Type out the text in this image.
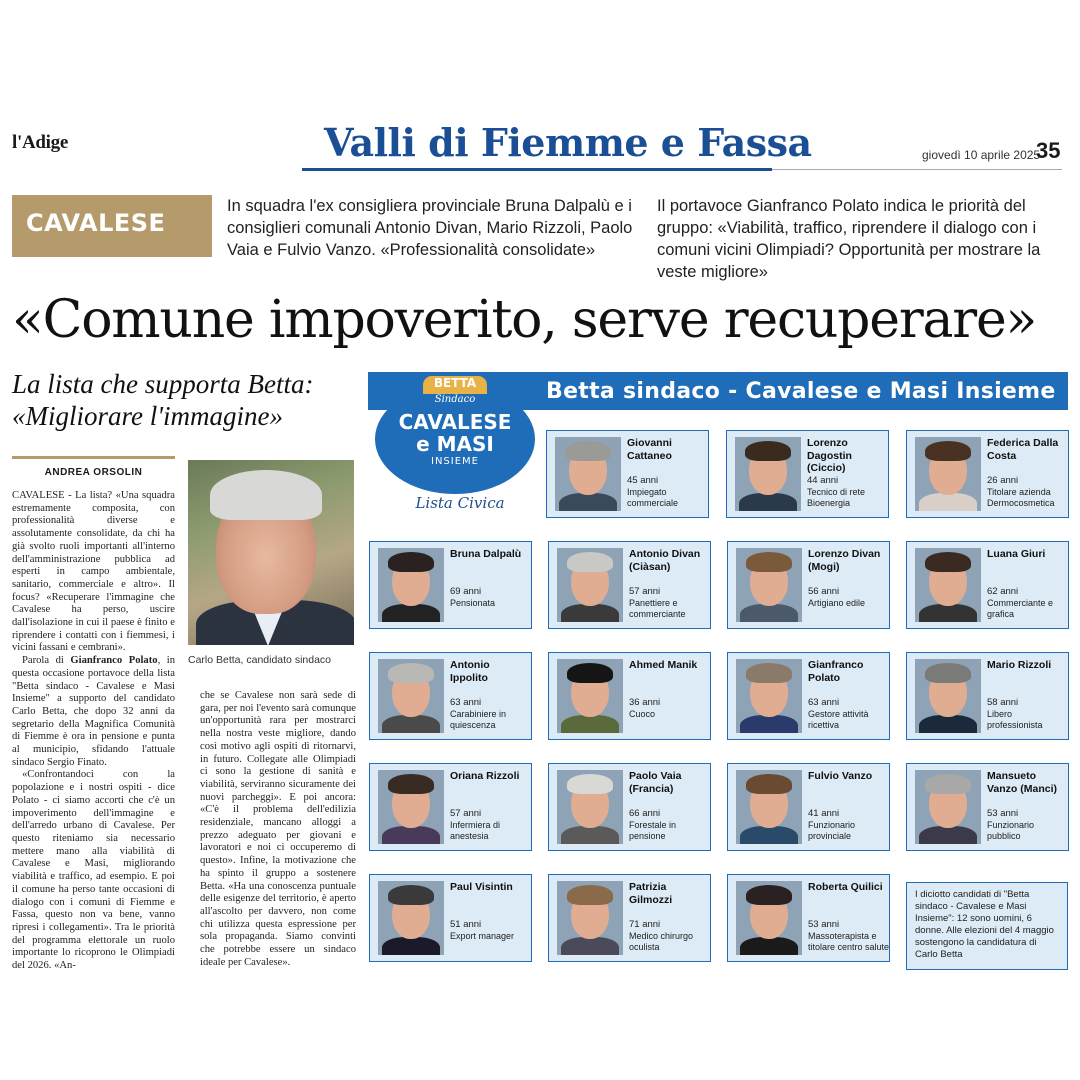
l'Adige	Valli di Fiemme e Fassa	giovedì 10 aprile 2025
35
CAVALESE
In squadra l'ex consigliera provinciale Bruna Dalpalù e i consiglieri comunali Antonio Divan, Mario Rizzoli, Paolo Vaia e Fulvio Vanzo. «Professionalità consolidate»
Il portavoce Gianfranco Polato indica le priorità del gruppo: «Viabilità, traffico, riprendere il dialogo con i comuni vicini Olimpiadi? Opportunità per mostrare la veste migliore»
«Comune impoverito, serve recuperare»
La lista che supporta Betta: «Migliorare l'immagine»
ANDREA ORSOLIN

CAVALESE - La lista? «Una squadra estremamente composita, con professionalità diverse e assolutamente consolidate, da chi ha già svolto ruoli importanti all'interno dell'amministrazione pubblica ad esperti in campo ambientale, sanitario, commerciale e altro». Il focus? «Recuperare l'immagine che Cavalese ha perso, uscire dall'isolazione in cui il paese è finito e riprendere i contatti con i fiemmesi, i vicini fassani e cembrani».

Parola di Gianfranco Polato, in questa occasione portavoce della lista "Betta sindaco - Cavalese e Masi Insieme" a supporto del candidato Carlo Betta, che dopo 32 anni da segretario della Magnifica Comunità di Fiemme è ora in pensione e punta al municipio, sfidando l'attuale sindaco Sergio Finato.

«Confrontandoci con la popolazione e i nostri ospiti - dice Polato - ci siamo accorti che c'è un impoverimento dell'immagine e dell'arredo urbano di Cavalese. Per questo riteniamo sia necessario mettere mano alla viabilità di Cavalese e Masi, migliorando viabilità e traffico, ad esempio. E poi il comune ha perso tante occasioni di dialogo con i comuni di Fiemme e Fassa, questo non va bene, vanno ripresi i collegamenti». Tra le priorità del programma elettorale un ruolo importante lo ricoprono le Olimpiadi del 2026. «An-

Carlo Betta, candidato sindaco

che se Cavalese non sarà sede di gara, per noi l'evento sarà comunque un'opportunità rara per mostrarci nella nostra veste migliore, dando così motivo agli ospiti di ritornarvi, in futuro. Collegate alle Olimpiadi ci sono la gestione di sanità e viabilità, serviranno sicuramente dei nuovi parcheggi». E poi ancora: «C'è il problema dell'edilizia residenziale, mancano alloggi a prezzo adeguato per giovani e lavoratori e noi ci occuperemo di questo». Infine, la motivazione che ha spinto il gruppo a sostenere Betta. «Ha una conoscenza puntuale delle esigenze del territorio, è aperto all'ascolto per davvero, non come chi utilizza questa espressione per sola propaganda. Siamo convinti che potrebbe essere un sindaco ideale per Cavalese».

Betta sindaco - Cavalese e Masi Insieme
BETTA
Sindaco
CAVALESE
e MASI
INSIEME
Lista Civica
Giovanni Cattaneo
45 anni
Impiegato commerciale
Lorenzo Dagostin (Ciccio)
44 anni
Tecnico di rete Bioenergia
Federica Dalla Costa
26 anni
Titolare azienda Dermocosmetica
Bruna Dalpalù
69 anni
Pensionata
Antonio Divan (Ciàsan)
57 anni
Panettiere e commerciante
Lorenzo Divan (Mogi)
56 anni
Artigiano edile
Luana Giuri
62 anni
Commerciante e grafica
Antonio Ippolito
63 anni
Carabiniere in quiescenza
Ahmed Manik
36 anni
Cuoco
Gianfranco Polato
63 anni
Gestore attività ricettiva
Mario Rizzoli
58 anni
Libero professionista
Oriana Rizzoli
57 anni
Infermiera di anestesia
Paolo Vaia (Francia)
66 anni
Forestale in pensione
Fulvio Vanzo
41 anni
Funzionario provinciale
Mansueto Vanzo (Manci)
53 anni
Funzionario pubblico
Paul Visintin
51 anni
Export manager
Patrizia Gilmozzi
71 anni
Medico chirurgo oculista
Roberta Quilici
53 anni
Massoterapista e titolare centro salute
I diciotto candidati di "Betta sindaco - Cavalese e Masi Insieme": 12 sono uomini, 6 donne. Alle elezioni del 4 maggio sostengono la candidatura di Carlo Betta
